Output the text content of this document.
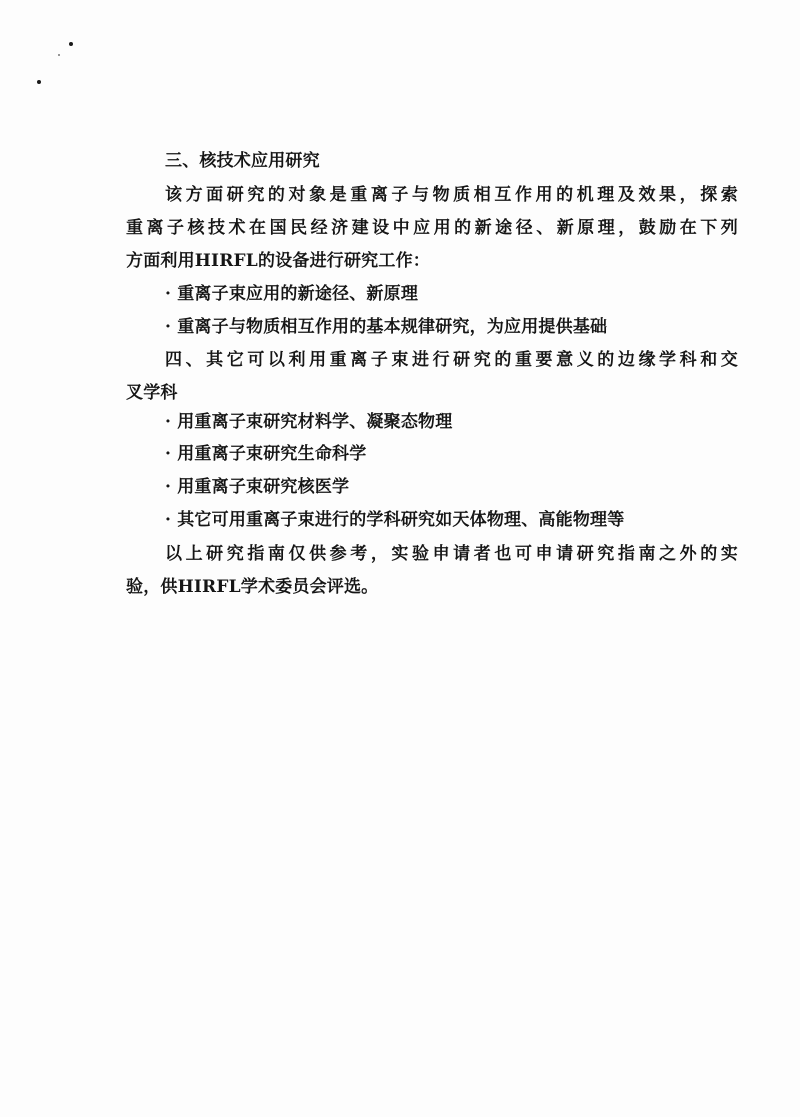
三、核技术应用研究
该方面研究的对象是重离子与物质相互作用的机理及效果，探索
重离子核技术在国民经济建设中应用的新途径、新原理，鼓励在下列
方面利用HIRFL的设备进行研究工作：
· 重离子束应用的新途径、新原理
· 重离子与物质相互作用的基本规律研究，为应用提供基础
四、其它可以利用重离子束进行研究的重要意义的边缘学科和交
叉学科
· 用重离子束研究材料学、凝聚态物理
· 用重离子束研究生命科学
· 用重离子束研究核医学
· 其它可用重离子束进行的学科研究如天体物理、高能物理等
以上研究指南仅供参考，实验申请者也可申请研究指南之外的实
验，供HIRFL学术委员会评选。
